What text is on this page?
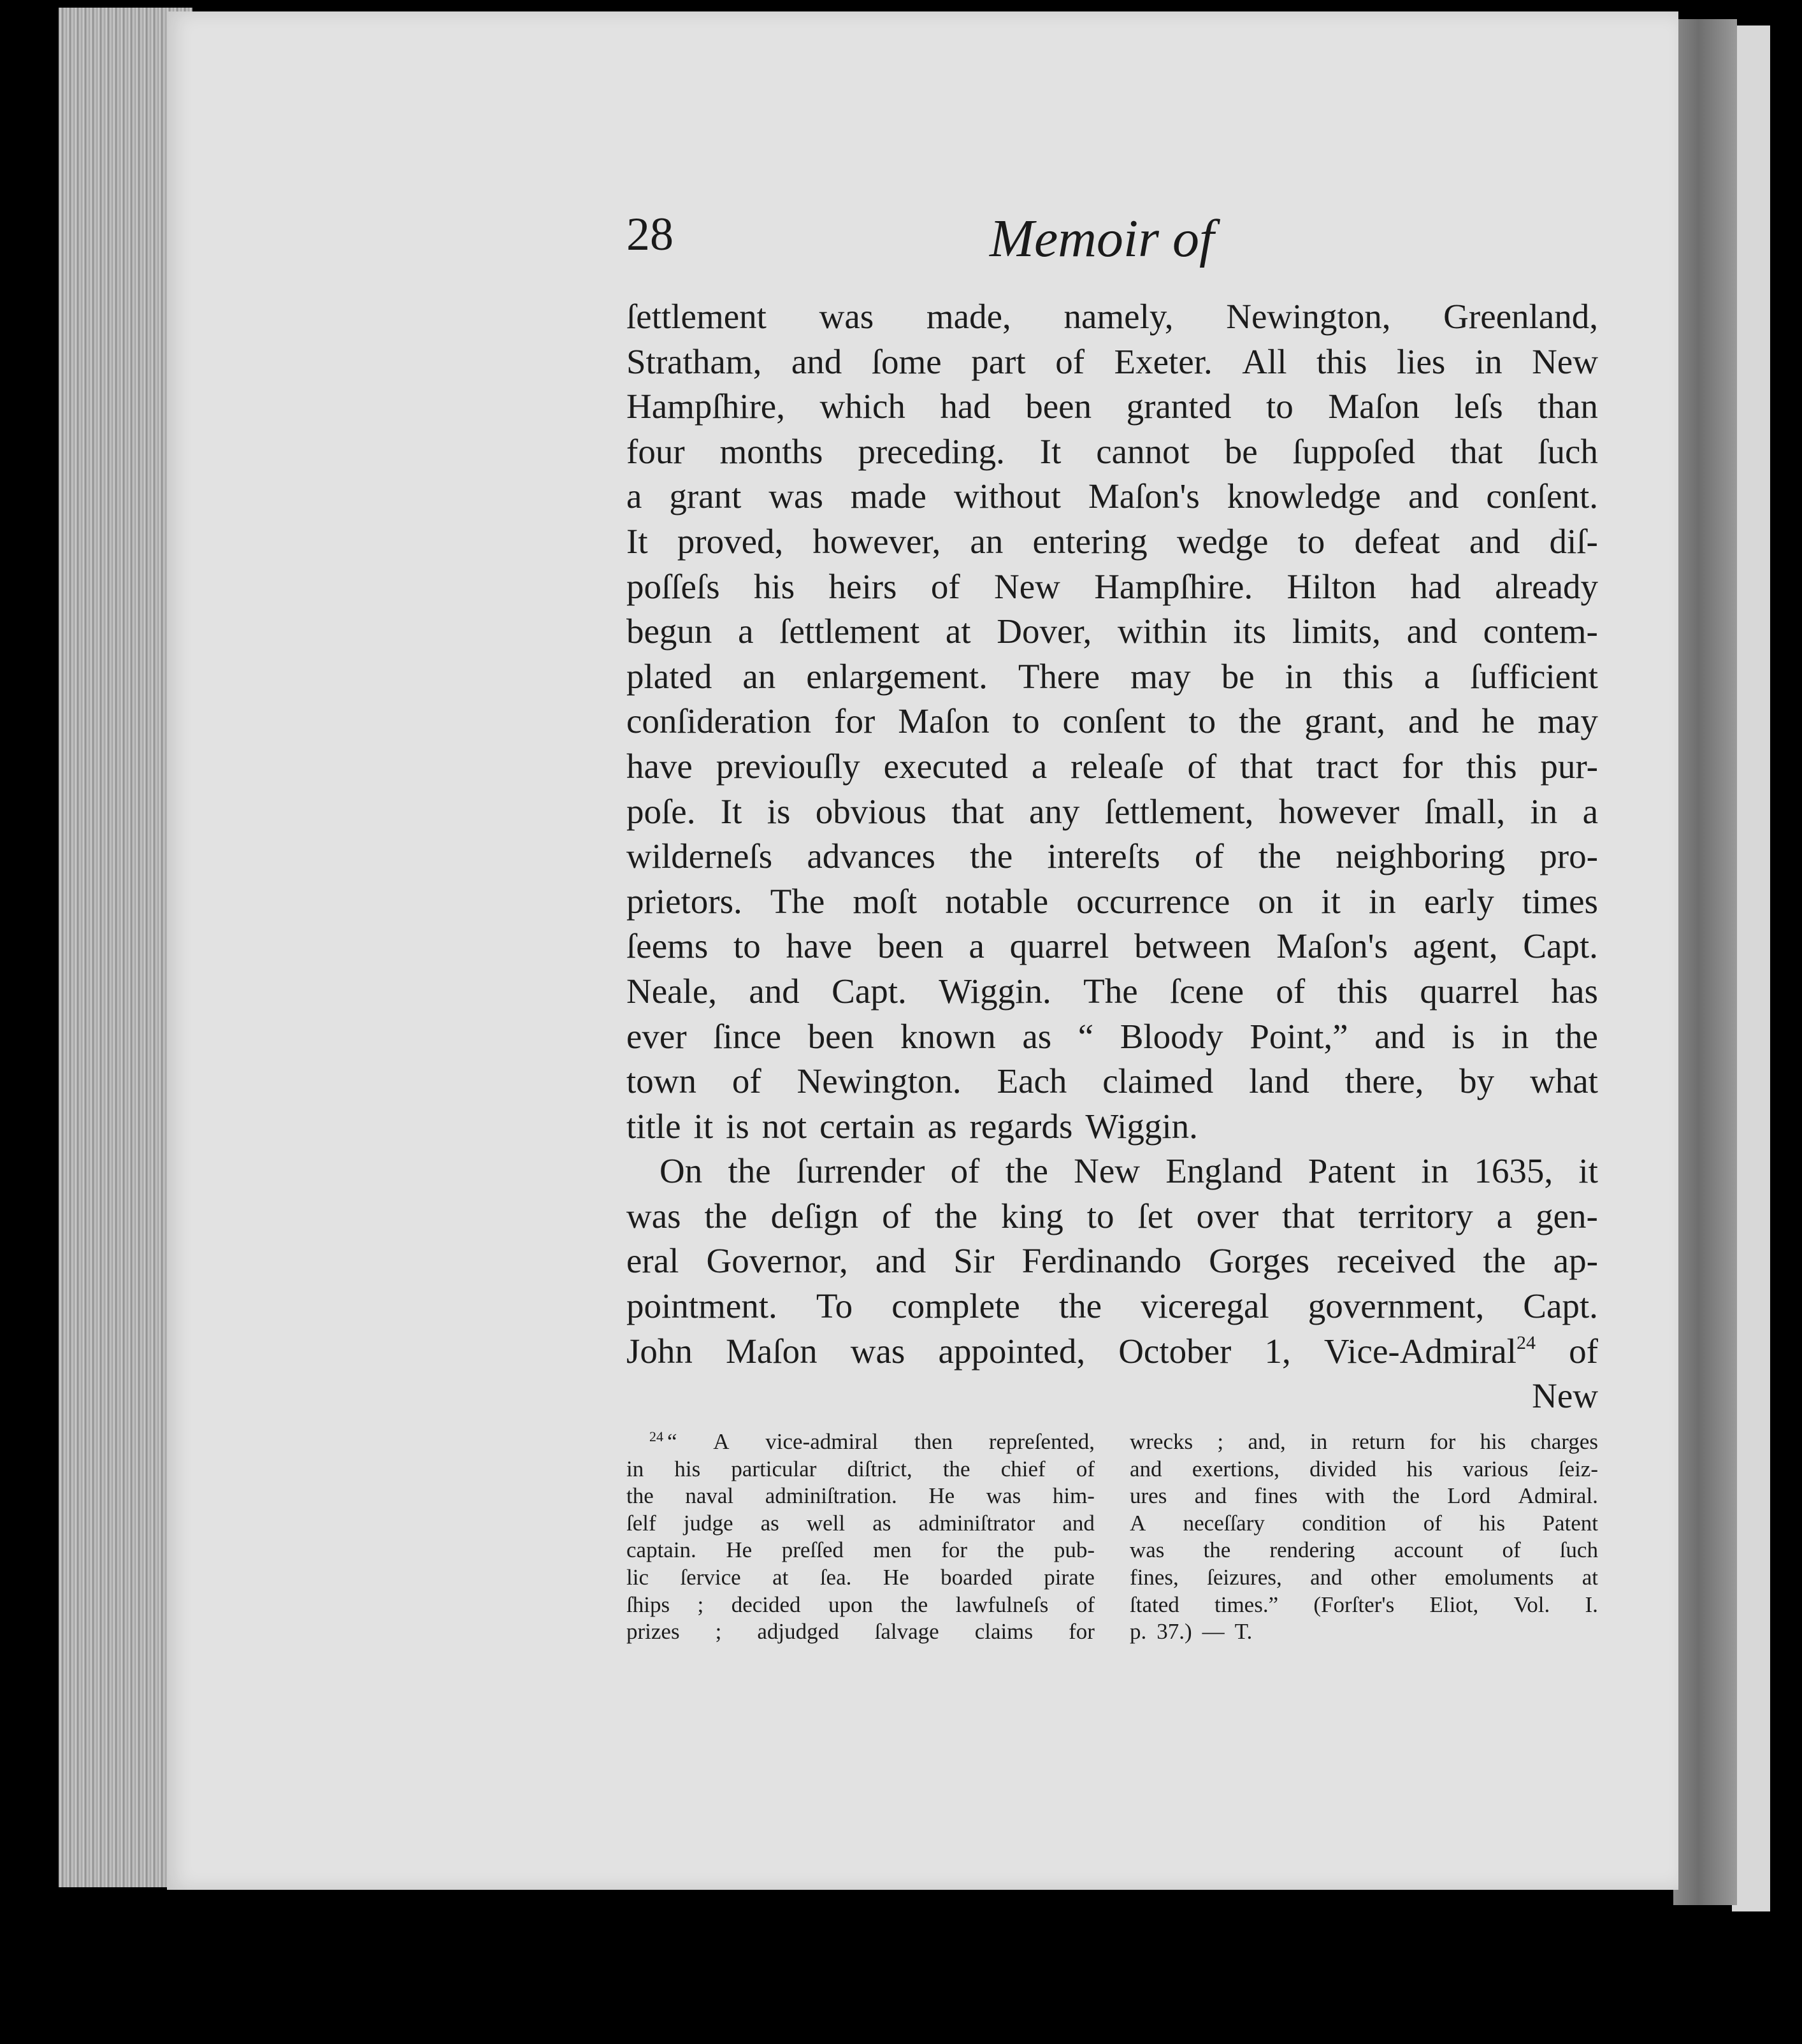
28	Memoir of
ſettlement was made, namely, Newington, Greenland,
Stratham, and ſome part of Exeter. All this lies in New
Hampſhire, which had been granted to Maſon leſs than
four months preceding. It cannot be ſuppoſed that ſuch
a grant was made without Maſon's knowledge and conſent.
It proved, however, an entering wedge to defeat and diſ-
poſſeſs his heirs of New Hampſhire. Hilton had already
begun a ſettlement at Dover, within its limits, and contem-
plated an enlargement. There may be in this a ſufficient
conſideration for Maſon to conſent to the grant, and he may
have previouſly executed a releaſe of that tract for this pur-
poſe. It is obvious that any ſettlement, however ſmall, in a
wilderneſs advances the intereſts of the neighboring pro-
prietors. The moſt notable occurrence on it in early times
ſeems to have been a quarrel between Maſon's agent, Capt.
Neale, and Capt. Wiggin. The ſcene of this quarrel has
ever ſince been known as “ Bloody Point,” and is in the
town of Newington. Each claimed land there, by what
title it is not certain as regards Wiggin.
On the ſurrender of the New England Patent in 1635, it
was the deſign of the king to ſet over that territory a gen-
eral Governor, and Sir Ferdinando Gorges received the ap-
pointment. To complete the viceregal government, Capt.
John Maſon was appointed, October 1, Vice-Admiral$^{24}$ of
New
$^{24}$ “ A vice-admiral then repreſented,
in his particular diſtrict, the chief of
the naval adminiſtration. He was him-
ſelf judge as well as adminiſtrator and
captain. He preſſed men for the pub-
lic ſervice at ſea. He boarded pirate
ſhips ; decided upon the lawfulneſs of
prizes ; adjudged ſalvage claims for
wrecks ; and, in return for his charges
and exertions, divided his various ſeiz-
ures and fines with the Lord Admiral.
A neceſſary condition of his Patent
was the rendering account of ſuch
fines, ſeizures, and other emoluments at
ſtated times.” (Forſter's Eliot, Vol. I.
p. 37.) — T.
